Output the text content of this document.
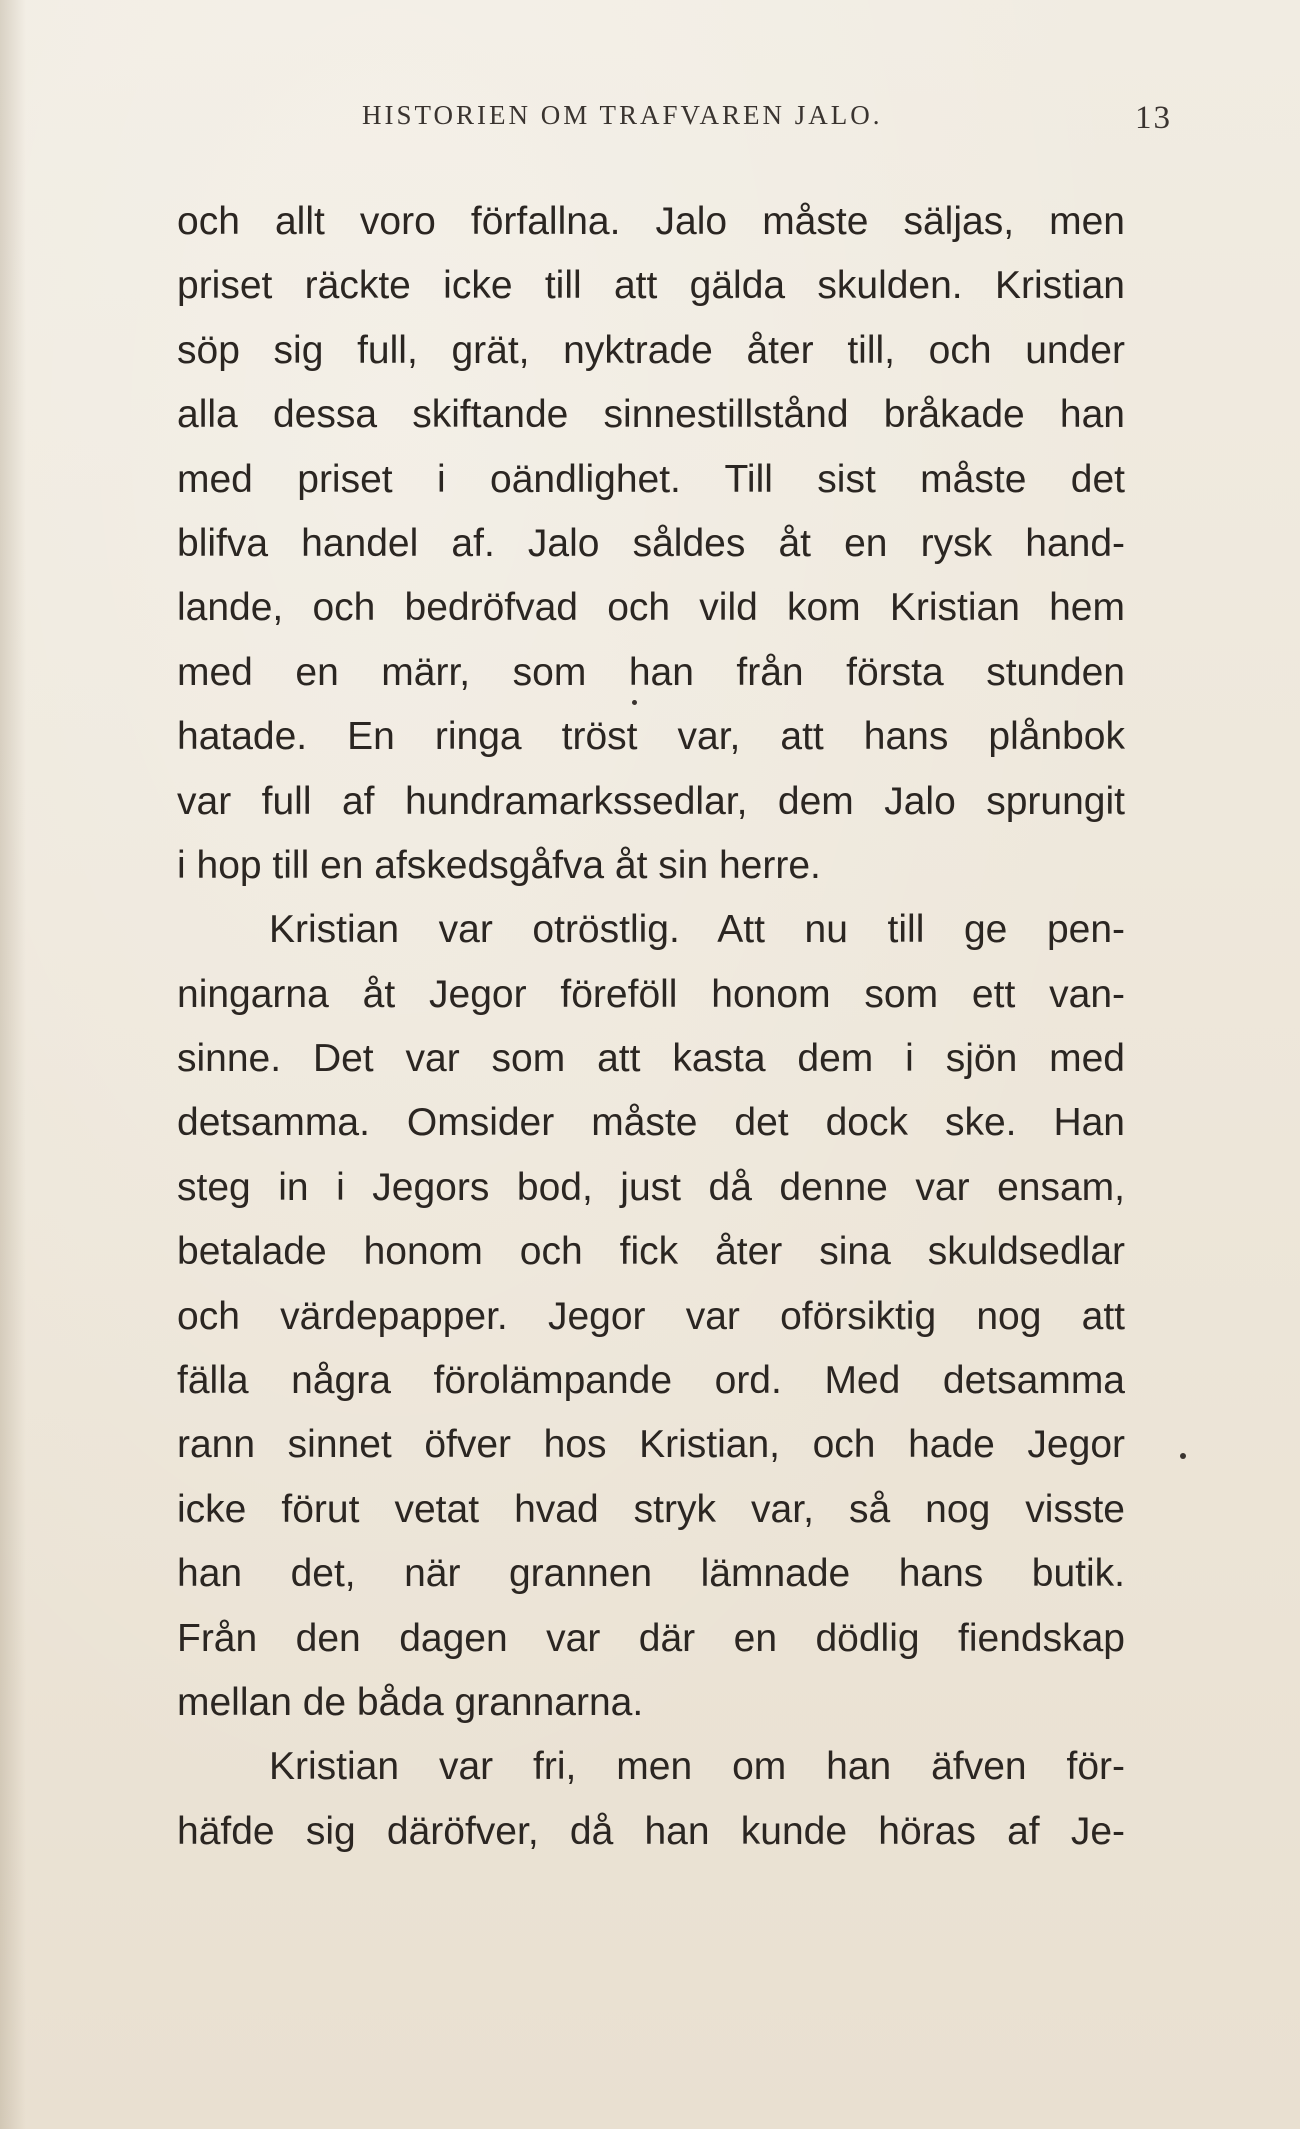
HISTORIEN OM TRAFVAREN JALO.	13
och allt voro förfallna. Jalo måste säljas, men
priset räckte icke till att gälda skulden. Kristian
söp sig full, grät, nyktrade åter till, och under
alla dessa skiftande sinnestillstånd bråkade han
med priset i oändlighet. Till sist måste det
blifva handel af. Jalo såldes åt en rysk hand-
lande, och bedröfvad och vild kom Kristian hem
med en märr, som han från första stunden
hatade. En ringa tröst var, att hans plånbok
var full af hundramarkssedlar, dem Jalo sprungit
i hop till en afskedsgåfva åt sin herre.
Kristian var otröstlig. Att nu till ge pen-
ningarna åt Jegor föreföll honom som ett van-
sinne. Det var som att kasta dem i sjön med
detsamma. Omsider måste det dock ske. Han
steg in i Jegors bod, just då denne var ensam,
betalade honom och fick åter sina skuldsedlar
och värdepapper. Jegor var oförsiktig nog att
fälla några förolämpande ord. Med detsamma
rann sinnet öfver hos Kristian, och hade Jegor
icke förut vetat hvad stryk var, så nog visste
han det, när grannen lämnade hans butik.
Från den dagen var där en dödlig fiendskap
mellan de båda grannarna.
Kristian var fri, men om han äfven för-
häfde sig däröfver, då han kunde höras af Je-
